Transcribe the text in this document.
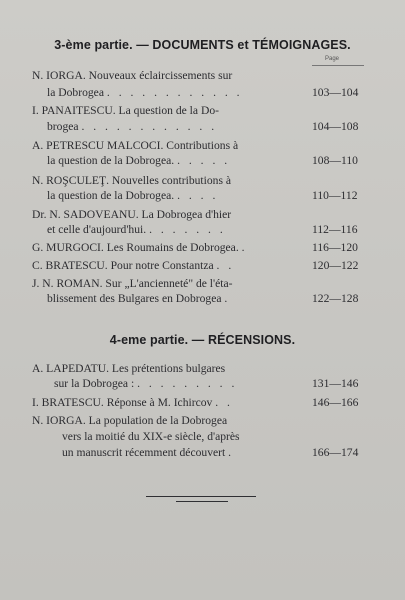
3-ème partie. — DOCUMENTS et TÉMOIGNAGES.
Page
N. IORGA. Nouveaux éclaircissements sur
la Dobrogea . . . . . . . . . . . .	103—104
I. PANAITESCU. La question de la Do-
brogea . . . . . . . . . . . .	104—108
A. PETRESCU MALCOCI. Contributions à
la question de la Dobrogea. . . . . .	108—110
N. ROŞCULEŢ. Nouvelles contributions à
la question de la Dobrogea. . . . .	110—112
Dr. N. SADOVEANU. La Dobrogea d'hier
et celle d'aujourd'hui. . . . . . . .	112—116
G. MURGOCI. Les Roumains de Dobrogea. .	116—120
C. BRATESCU. Pour notre Constantza . .	120—122
J. N. ROMAN. Sur „L'ancienneté" de l'éta-
blissement des Bulgares en Dobrogea .	122—128
4-eme partie. — RÉCENSIONS.
A. LAPEDATU. Les prétentions bulgares
sur la Dobrogea : . . . . . . . . .	131—146
I. BRATESCU. Réponse à M. Ichircov . .	146—166
N. IORGA. La population de la Dobrogea
vers la moitié du XIX-e siècle, d'après
un manuscrit récemment découvert .	166—174
